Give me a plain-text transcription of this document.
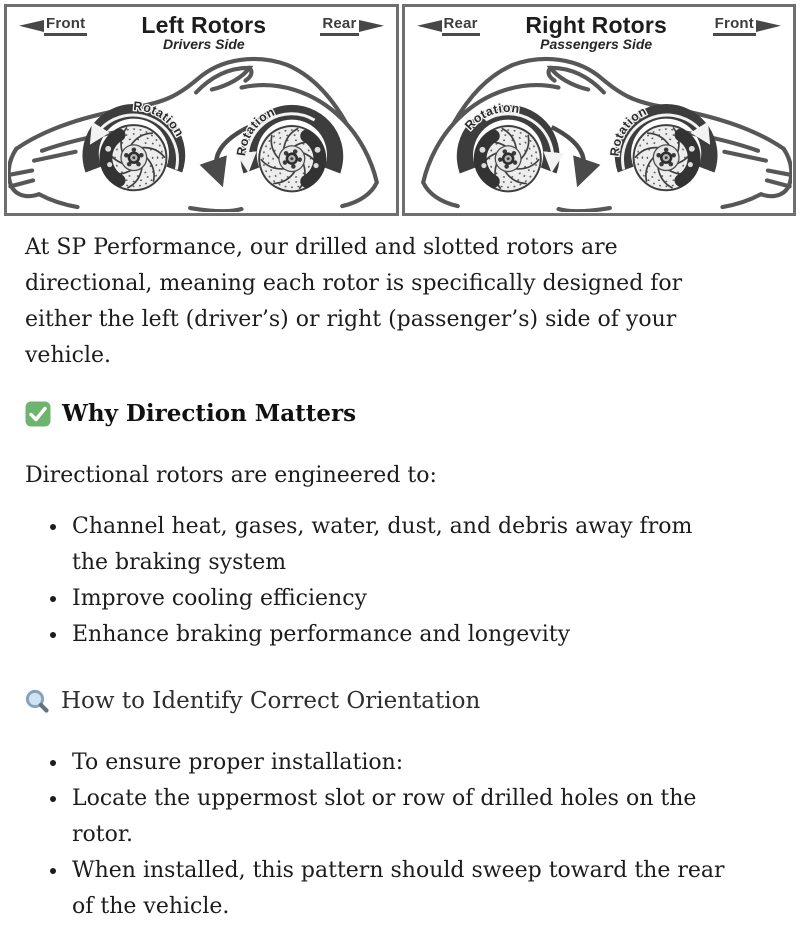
Front Left Rotors
Drivers Side
Rear
Rotation
Rotation
Rear Right Rotors
Passengers Side
Front
Rotation
Rotation

At SP Performance, our drilled and slotted rotors are directional, meaning each rotor is specifically designed for either the left (driver’s) or right (passenger’s) side of your vehicle.

Why Direction Matters

Directional rotors are engineered to:

• Channel heat, gases, water, dust, and debris away from the braking system
• Improve cooling efficiency
• Enhance braking performance and longevity
How to Identify Correct Orientation
• To ensure proper installation:
• Locate the uppermost slot or row of drilled holes on the rotor.
• When installed, this pattern should sweep toward the rear of the vehicle.
